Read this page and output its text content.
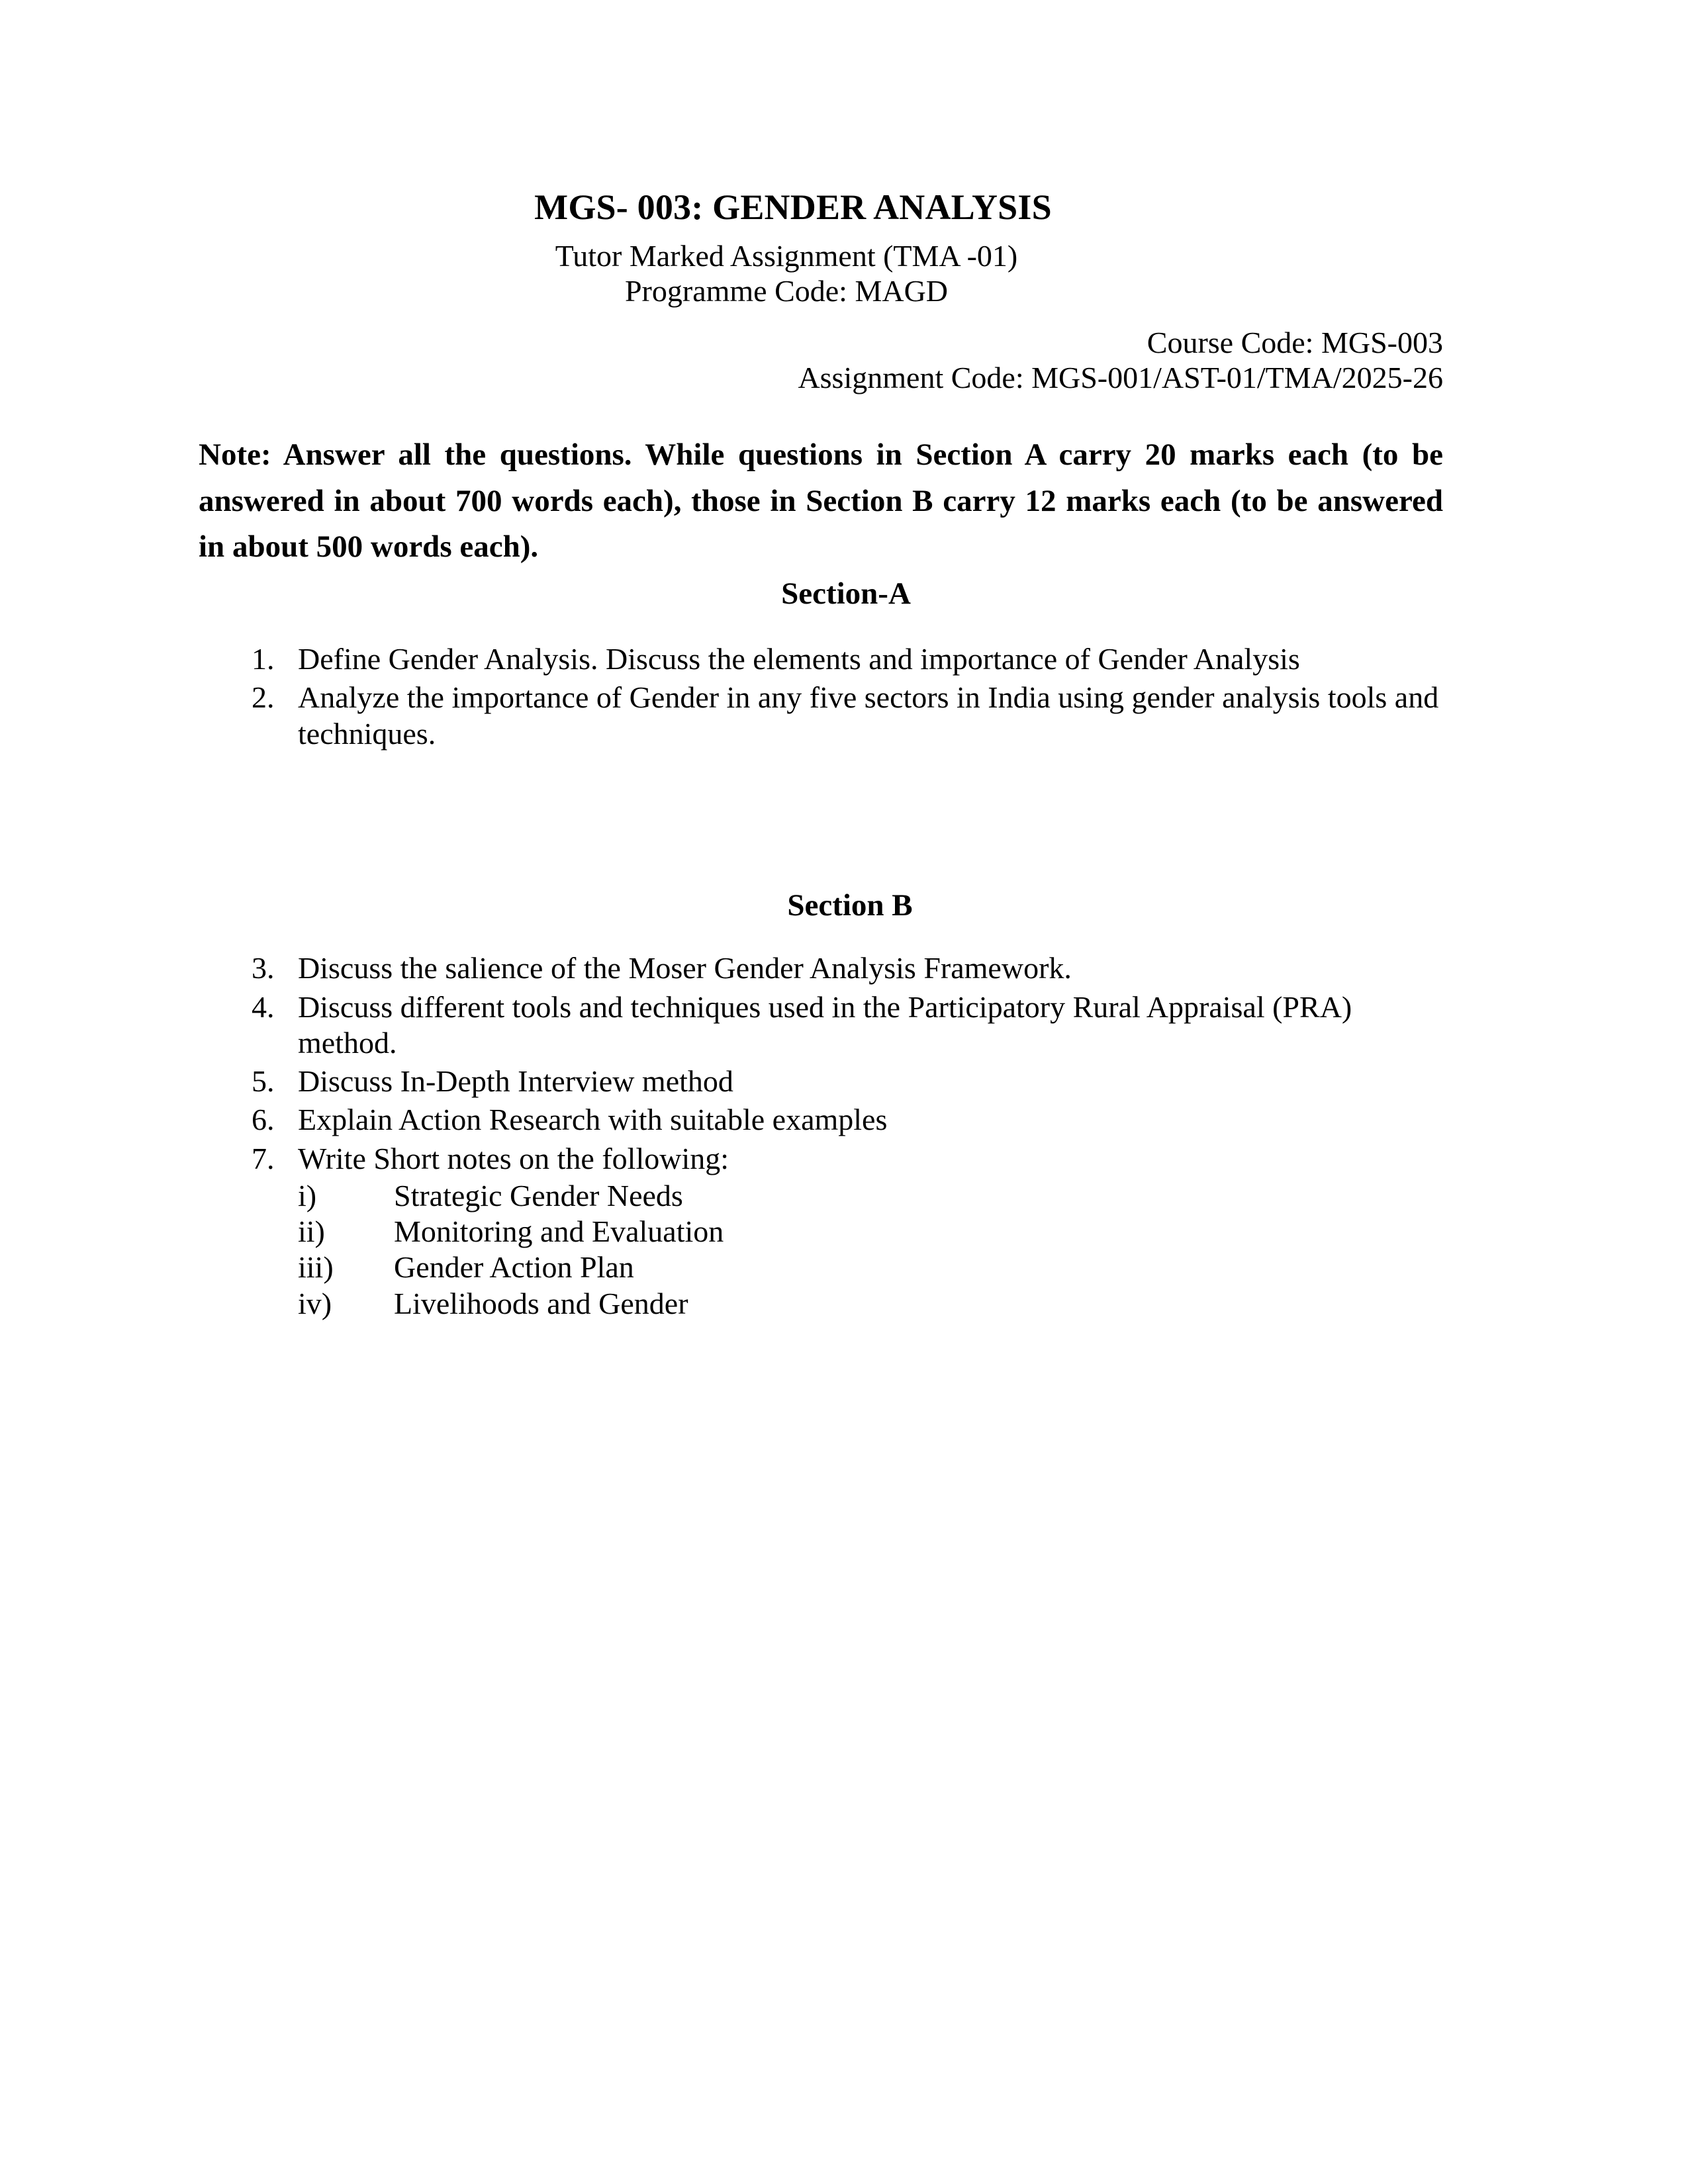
MGS- 003: GENDER ANALYSIS

Tutor Marked Assignment (TMA -01)

Programme Code: MAGD

Course Code: MGS-003

Assignment Code: MGS-001/AST-01/TMA/2025-26

Note: Answer all the questions. While questions in Section A carry 20 marks each (to be answered in about 700 words each), those in Section B carry 12 marks each (to be answered in about 500 words each).

Section-A

1. Define Gender Analysis. Discuss the elements and importance of Gender Analysis
2. Analyze the importance of Gender in any five sectors in India using gender analysis tools and techniques.

Section B

3. Discuss the salience of the Moser Gender Analysis Framework.
4. Discuss different tools and techniques used in the Participatory Rural Appraisal (PRA) method.
5. Discuss In-Depth Interview method
6. Explain Action Research with suitable examples
7. Write Short notes on the following:
i)	Strategic Gender Needs
ii)	Monitoring and Evaluation
iii)	Gender Action Plan
iv)	Livelihoods and Gender
